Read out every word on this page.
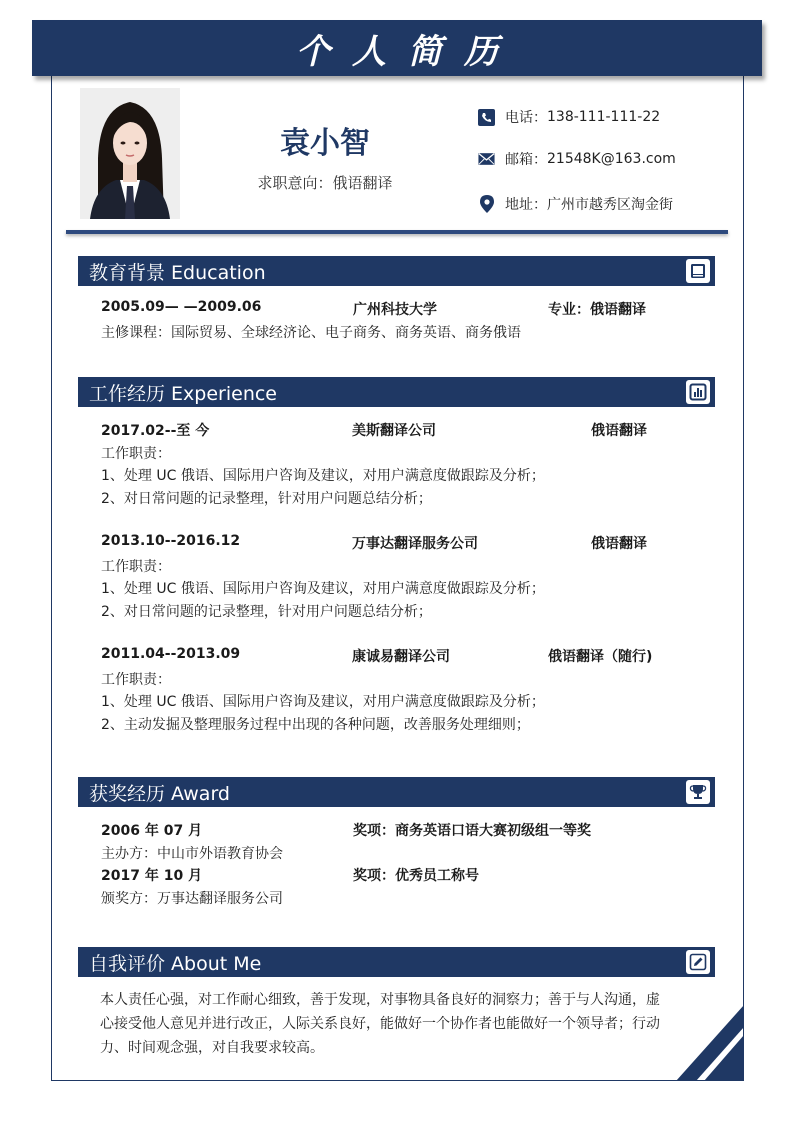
个人简历
袁小智
求职意向：俄语翻译
电话： 138-111-111-22
邮箱： 21548K@163.com
地址： 广州市越秀区淘金街
教育背景 Education
2005.09— —2009.06	广州科技大学	专业：俄语翻译
主修课程：国际贸易、全球经济论、电子商务、商务英语、商务俄语
工作经历 Experience
2017.02--至 今	美斯翻译公司	俄语翻译
工作职责：
1、处理 UC 俄语、国际用户咨询及建议，对用户满意度做跟踪及分析；
2、对日常问题的记录整理，针对用户问题总结分析；
2013.10--2016.12	万事达翻译服务公司	俄语翻译
工作职责：
1、处理 UC 俄语、国际用户咨询及建议，对用户满意度做跟踪及分析；
2、对日常问题的记录整理，针对用户问题总结分析；
2011.04--2013.09	康诚易翻译公司	俄语翻译（随行)
工作职责：
1、处理 UC 俄语、国际用户咨询及建议，对用户满意度做跟踪及分析；
2、主动发掘及整理服务过程中出现的各种问题，改善服务处理细则；
获奖经历 Award
2006 年 07 月	奖项：商务英语口语大赛初级组一等奖
主办方：中山市外语教育协会
2017 年 10 月	奖项：优秀员工称号
颁奖方：万事达翻译服务公司
自我评价 About Me
本人责任心强，对工作耐心细致，善于发现，对事物具备良好的洞察力；善于与人沟通，虚
心接受他人意见并进行改正，人际关系良好，能做好一个协作者也能做好一个领导者；行动
力、时间观念强，对自我要求较高。
